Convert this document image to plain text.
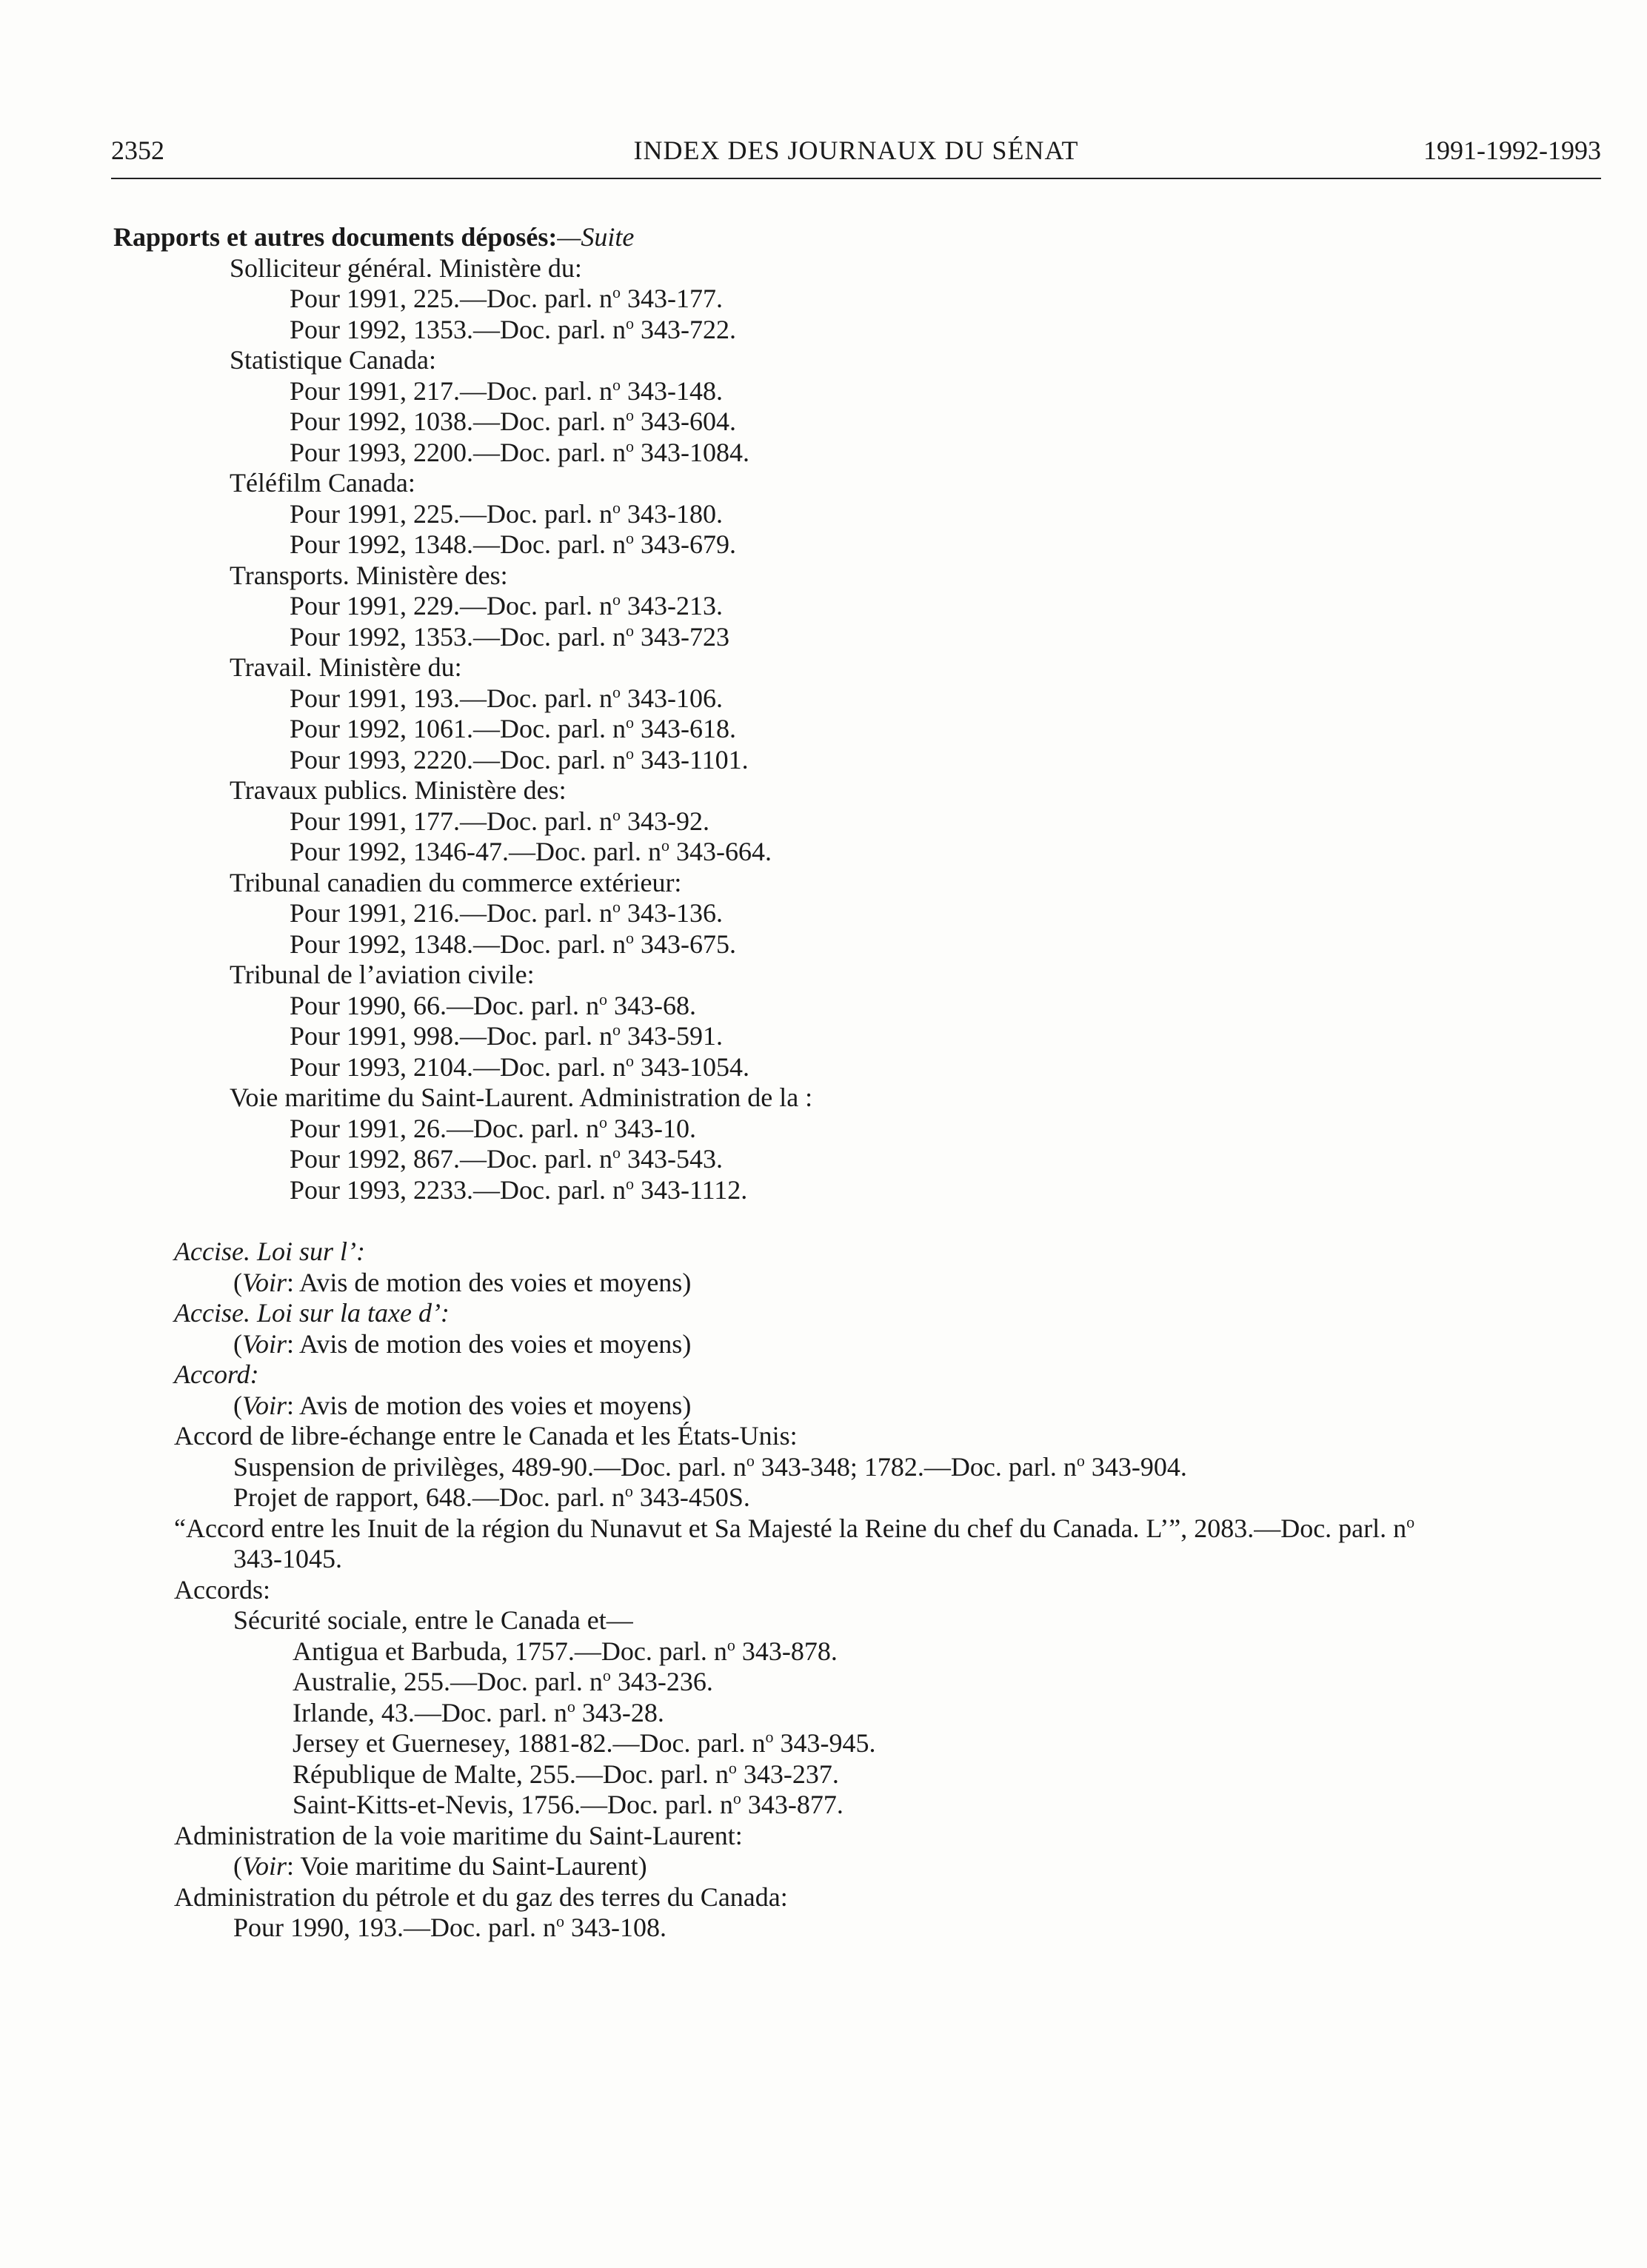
2352	INDEX DES JOURNAUX DU SÉNAT	1991-1992-1993
Rapports et autres documents déposés:—Suite
Solliciteur général. Ministère du:
Pour 1991, 225.—Doc. parl. $n^o$ 343-177.
Pour 1992, 1353.—Doc. parl. $n^o$ 343-722.
Statistique Canada:
Pour 1991, 217.—Doc. parl. $n^o$ 343-148.
Pour 1992, 1038.—Doc. parl. $n^o$ 343-604.
Pour 1993, 2200.—Doc. parl. $n^o$ 343-1084.
Téléfilm Canada:
Pour 1991, 225.—Doc. parl. $n^o$ 343-180.
Pour 1992, 1348.—Doc. parl. $n^o$ 343-679.
Transports. Ministère des:
Pour 1991, 229.—Doc. parl. $n^o$ 343-213.
Pour 1992, 1353.—Doc. parl. $n^o$ 343-723
Travail. Ministère du:
Pour 1991, 193.—Doc. parl. $n^o$ 343-106.
Pour 1992, 1061.—Doc. parl. $n^o$ 343-618.
Pour 1993, 2220.—Doc. parl. $n^o$ 343-1101.
Travaux publics. Ministère des:
Pour 1991, 177.—Doc. parl. $n^o$ 343-92.
Pour 1992, 1346-47.—Doc. parl. $n^o$ 343-664.
Tribunal canadien du commerce extérieur:
Pour 1991, 216.—Doc. parl. $n^o$ 343-136.
Pour 1992, 1348.—Doc. parl. $n^o$ 343-675.
Tribunal de l’aviation civile:
Pour 1990, 66.—Doc. parl. $n^o$ 343-68.
Pour 1991, 998.—Doc. parl. $n^o$ 343-591.
Pour 1993, 2104.—Doc. parl. $n^o$ 343-1054.
Voie maritime du Saint-Laurent. Administration de la :
Pour 1991, 26.—Doc. parl. $n^o$ 343-10.
Pour 1992, 867.—Doc. parl. $n^o$ 343-543.
Pour 1993, 2233.—Doc. parl. $n^o$ 343-1112.
Accise. Loi sur l’:
(Voir: Avis de motion des voies et moyens)
Accise. Loi sur la taxe d’:
(Voir: Avis de motion des voies et moyens)
Accord:
(Voir: Avis de motion des voies et moyens)
Accord de libre-échange entre le Canada et les États-Unis:
Suspension de privilèges, 489-90.—Doc. parl. $n^o$ 343-348; 1782.—Doc. parl. $n^o$ 343-904.
Projet de rapport, 648.—Doc. parl. $n^o$ 343-450S.
“Accord entre les Inuit de la région du Nunavut et Sa Majesté la Reine du chef du Canada. L’”, 2083.—Doc. parl. $n^o$
343-1045.
Accords:
Sécurité sociale, entre le Canada et—
Antigua et Barbuda, 1757.—Doc. parl. $n^o$ 343-878.
Australie, 255.—Doc. parl. $n^o$ 343-236.
Irlande, 43.—Doc. parl. $n^o$ 343-28.
Jersey et Guernesey, 1881-82.—Doc. parl. $n^o$ 343-945.
République de Malte, 255.—Doc. parl. $n^o$ 343-237.
Saint-Kitts-et-Nevis, 1756.—Doc. parl. $n^o$ 343-877.
Administration de la voie maritime du Saint-Laurent:
(Voir: Voie maritime du Saint-Laurent)
Administration du pétrole et du gaz des terres du Canada:
Pour 1990, 193.—Doc. parl. $n^o$ 343-108.
